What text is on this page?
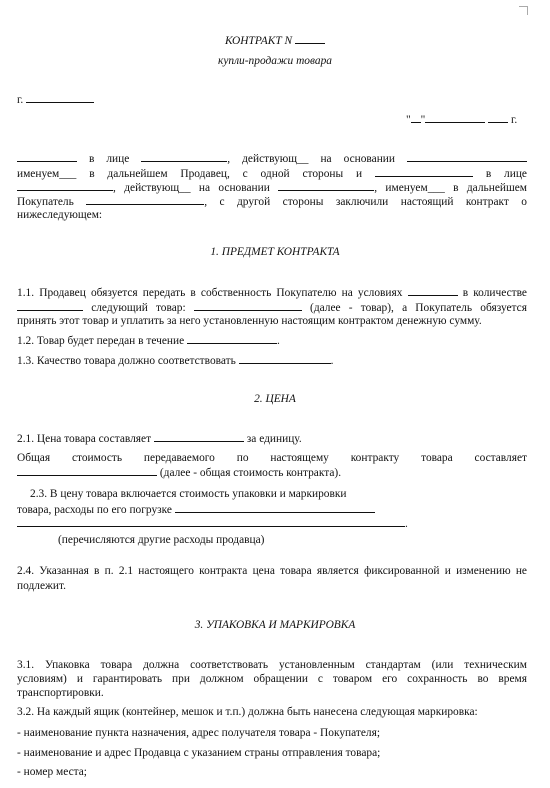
КОНТРАКТ N
купли-продажи товара
г.
" "	г.
в лице	, действующ__ на основании
именуем___ в дальнейшем Продавец, с одной стороны и	в лице
, действующ__ на основании	, именуем___ в дальнейшем
Покупатель	, с другой стороны заключили настоящий контракт о
нижеследующем:
1. ПРЕДМЕТ КОНТРАКТА
1.1. Продавец обязуется передать в собственность Покупателю на условиях	в количестве
следующий товар:	(далее - товар), а Покупатель обязуется
принять этот товар и уплатить за него установленную настоящим контрактом денежную сумму.
1.2. Товар будет передан в течение	.
1.3. Качество товара должно соответствовать	.
2. ЦЕНА
2.1. Цена товара составляет	за единицу.
Общая стоимость передаваемого по настоящему контракту товара составляет
(далее - общая стоимость контракта).
2.3. В цену товара включается стоимость упаковки и маркировки
товара, расходы по его погрузке
.
(перечисляются другие расходы продавца)
2.4. Указанная в п. 2.1 настоящего контракта цена товара является фиксированной и изменению не
подлежит.
3. УПАКОВКА И МАРКИРОВКА
3.1. Упаковка товара должна соответствовать установленным стандартам (или техническим
условиям) и гарантировать при должном обращении с товаром его сохранность во время
транспортировки.
3.2. На каждый ящик (контейнер, мешок и т.п.) должна быть нанесена следующая маркировка:
- наименование пункта назначения, адрес получателя товара - Покупателя;
- наименование и адрес Продавца с указанием страны отправления товара;
- номер места;
